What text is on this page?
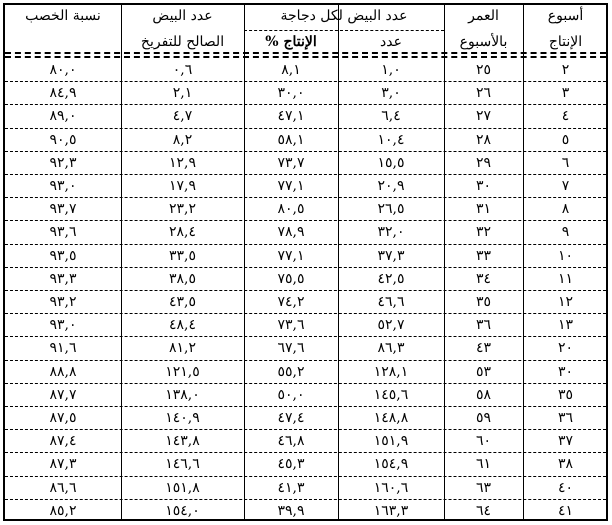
نسبة الخصب	عدد البيض	عدد البيض لكل دجاجة	العمر	أسبوع
الصالح للتفريخ	% الإنتاج	عدد	بالأسبوع	الإنتاج
٨٠,٠	٠,٦	٨,١	١,٠	٢٥	٢
٨٤,٩	٢,١	٣٠,٠	٣,٠	٢٦	٣
٨٩,٠	٤,٧	٤٧,١	٦,٤	٢٧	٤
٩٠,٥	٨,٢	٥٨,١	١٠,٤	٢٨	٥
٩٢,٣	١٢,٩	٧٣,٧	١٥,٥	٢٩	٦
٩٣,٠	١٧,٩	٧٧,١	٢٠,٩	٣٠	٧
٩٣,٧	٢٣,٢	٨٠,٥	٢٦,٥	٣١	٨
٩٣,٦	٢٨,٤	٧٨,٩	٣٢,٠	٣٢	٩
٩٣,٥	٣٣,٥	٧٧,١	٣٧,٣	٣٣	١٠
٩٣,٣	٣٨,٥	٧٥,٥	٤٢,٥	٣٤	١١
٩٣,٢	٤٣,٥	٧٤,٢	٤٦,٦	٣٥	١٢
٩٣,٠	٤٨,٤	٧٣,٦	٥٢,٧	٣٦	١٣
٩١,٦	٨١,٢	٦٧,٦	٨٦,٣	٤٣	٢٠
٨٨,٨	١٢١,٥	٥٥,٢	١٢٨,١	٥٣	٣٠
٨٧,٧	١٣٨,٠	٥٠,٠	١٤٥,٦	٥٨	٣٥
٨٧,٥	١٤٠,٩	٤٧,٤	١٤٨,٨	٥٩	٣٦
٨٧,٤	١٤٣,٨	٤٦,٨	١٥١,٩	٦٠	٣٧
٨٧,٣	١٤٦,٦	٤٥,٣	١٥٤,٩	٦١	٣٨
٨٦,٦	١٥١,٨	٤١,٣	١٦٠,٦	٦٣	٤٠
٨٥,٢	١٥٤,٠	٣٩,٩	١٦٣,٣	٦٤	٤١
